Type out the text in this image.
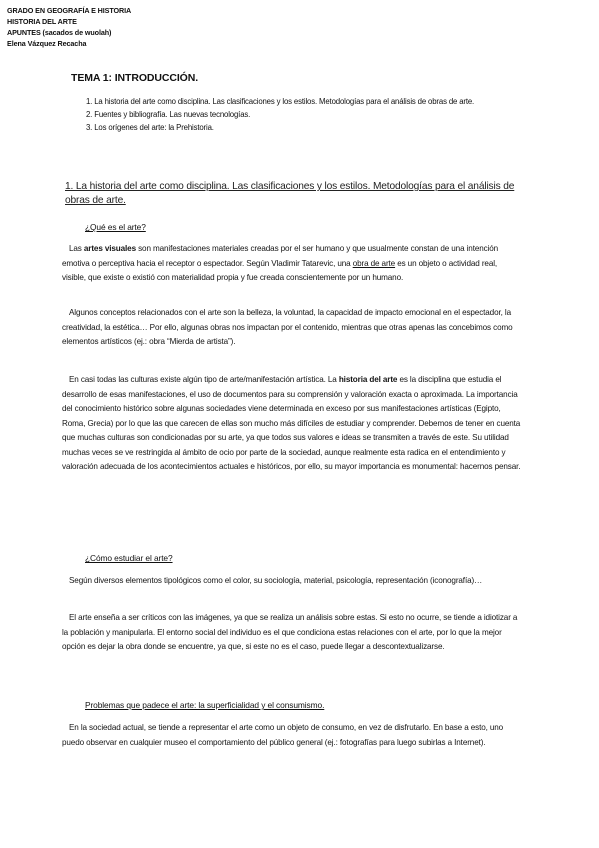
GRADO EN GEOGRAFÍA E HISTORIA
HISTORIA DEL ARTE
APUNTES (sacados de wuolah)
Elena Vázquez Recacha
TEMA 1: INTRODUCCIÓN.
1. La historia del arte como disciplina. Las clasificaciones y los estilos. Metodologías para el análisis de obras de arte.
2. Fuentes y bibliografía. Las nuevas tecnologías.
3. Los orígenes del arte: la Prehistoria.
1. La historia del arte como disciplina. Las clasificaciones y los estilos. Metodologías para el análisis de obras de arte.
¿Qué es el arte?
Las artes visuales son manifestaciones materiales creadas por el ser humano y que usualmente constan de una intención emotiva o perceptiva hacia el receptor o espectador. Según Vladimir Tatarevic, una obra de arte es un objeto o actividad real, visible, que existe o existió con materialidad propia y fue creada conscientemente por un humano.
Algunos conceptos relacionados con el arte son la belleza, la voluntad, la capacidad de impacto emocional en el espectador, la creatividad, la estética… Por ello, algunas obras nos impactan por el contenido, mientras que otras apenas las concebimos como elementos artísticos (ej.: obra “Mierda de artista”).
En casi todas las culturas existe algún tipo de arte/manifestación artística. La historia del arte es la disciplina que estudia el desarrollo de esas manifestaciones, el uso de documentos para su comprensión y valoración exacta o aproximada. La importancia del conocimiento histórico sobre algunas sociedades viene determinada en exceso por sus manifestaciones artísticas (Egipto, Roma, Grecia) por lo que las que carecen de ellas son mucho más difíciles de estudiar y comprender. Debemos de tener en cuenta que muchas culturas son condicionadas por su arte, ya que todos sus valores e ideas se transmiten a través de este. Su utilidad muchas veces se ve restringida al ámbito de ocio por parte de la sociedad, aunque realmente esta radica en el entendimiento y valoración adecuada de los acontecimientos actuales e históricos, por ello, su mayor importancia es monumental: hacernos pensar.
¿Cómo estudiar el arte?
Según diversos elementos tipológicos como el color, su sociología, material, psicología, representación (iconografía)…
El arte enseña a ser críticos con las imágenes, ya que se realiza un análisis sobre estas. Si esto no ocurre, se tiende a idiotizar a la población y manipularla. El entorno social del individuo es el que condiciona estas relaciones con el arte, por lo que la mejor opción es dejar la obra donde se encuentre, ya que, si este no es el caso, puede llegar a descontextualizarse.
Problemas que padece el arte: la superficialidad y el consumismo.
En la sociedad actual, se tiende a representar el arte como un objeto de consumo, en vez de disfrutarlo. En base a esto, uno puedo observar en cualquier museo el comportamiento del público general (ej.: fotografías para luego subirlas a Internet).
